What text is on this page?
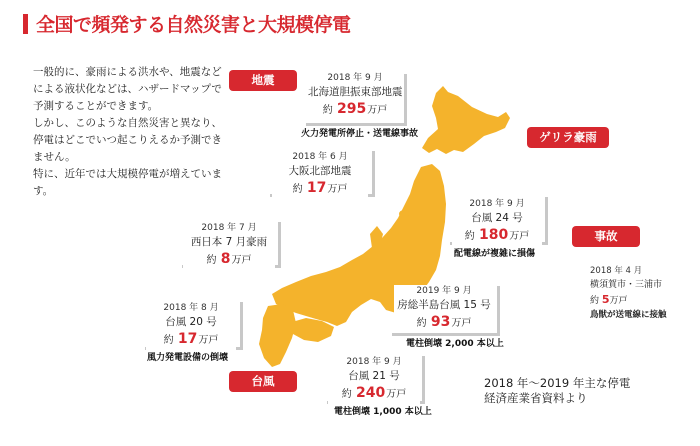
全国で頻発する自然災害と大規模停電

一般的に、豪雨による洪水や、地震などによる液状化などは、ハザードマップで予測することができます。

しかし、このような自然災害と異なり、停電はどこでいつ起こりえるか予測できません。

特に、近年では大規模停電が増えています。

地震
ゲリラ豪雨
事故
台風
2018 年 9 月
北海道胆振東部地震
約 295万戸
火力発電所停止・送電線事故
2018 年 6 月
大阪北部地震
約 17万戸
2018 年 7 月
西日本 7 月豪雨
約 8万戸
2018 年 9 月
台風 24 号
約 180万戸
配電線が複雑に損傷
2019 年 9 月
房総半島台風 15 号
約 93万戸
電柱倒壊 2,000 本以上
2018 年 8 月
台風 20 号
約 17万戸
風力発電設備の倒壊	2018 年 9 月
台風 21 号
約 240万戸
電柱倒壊 1,000 本以上
2018 年 4 月
横須賀市・三浦市
約 5万戸
鳥獣が送電線に接触
2018 年～2019 年主な停電
経済産業省資料より
